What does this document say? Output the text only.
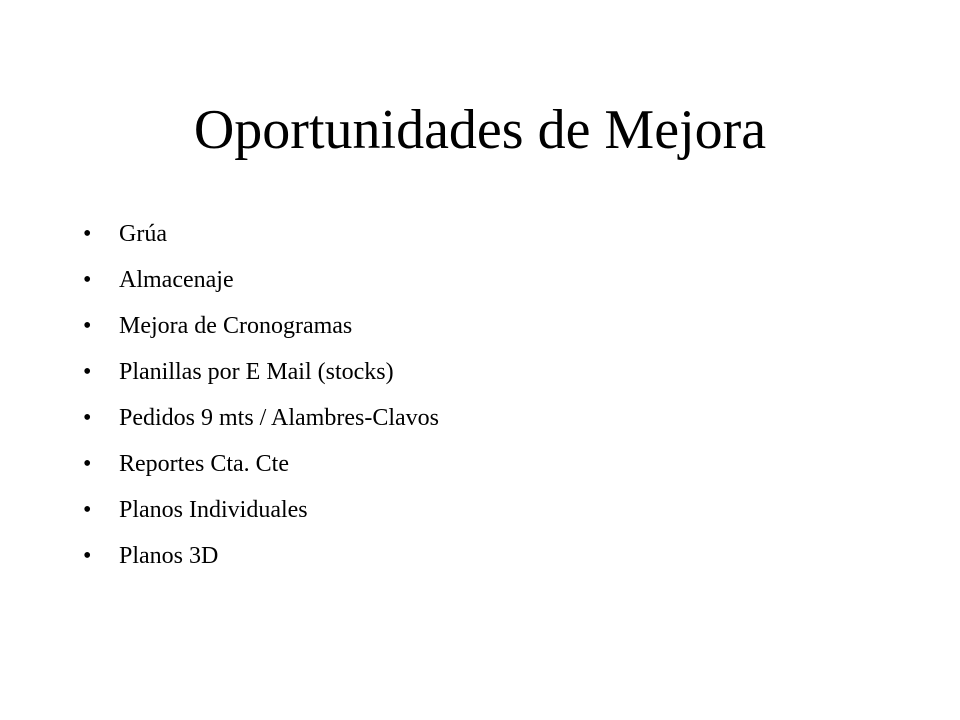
Oportunidades de Mejora
• Grúa
• Almacenaje
• Mejora de Cronogramas
• Planillas por E Mail (stocks)
• Pedidos 9 mts / Alambres-Clavos
• Reportes Cta. Cte
• Planos Individuales
• Planos 3D
